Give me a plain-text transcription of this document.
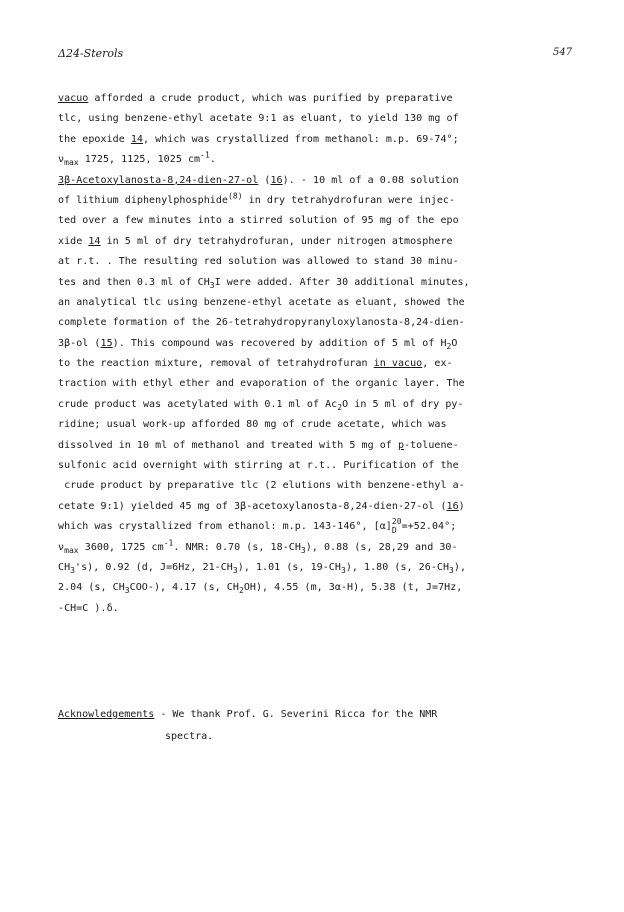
Δ24-Sterols	547
vacuo afforded a crude product, which was purified by preparative
tlc, using benzene-ethyl acetate 9:1 as eluant, to yield 130 mg of
the epoxide 14, which was crystallized from methanol: m.p. 69-74°;
$\nu_{max}$ 1725, 1125, 1025 $cm^{-1}$.
3β-Acetoxylanosta-8,24-dien-27-ol (16). - 10 ml of a 0.08 solution
of lithium diphenylphosphide$^{(8)}$ in dry tetrahydrofuran were injec-
ted over a few minutes into a stirred solution of 95 mg of the epo
xide 14 in 5 ml of dry tetrahydrofuran, under nitrogen atmosphere
at r.t. . The resulting red solution was allowed to stand 30 minu-
tes and then 0.3 ml of $CH_3I$ were added. After 30 additional minutes,
an analytical tlc using benzene-ethyl acetate as eluant, showed the
complete formation of the 26-tetrahydropyranyloxylanosta-8,24-dien-
3β-ol (15). This compound was recovered by addition of 5 ml of $H_2O$
to the reaction mixture, removal of tetrahydrofuran in vacuo, ex-
traction with ethyl ether and evaporation of the organic layer. The
crude product was acetylated with 0.1 ml of $Ac_2O$ in 5 ml of dry py-
ridine; usual work-up afforded 80 mg of crude acetate, which was
dissolved in 10 ml of methanol and treated with 5 mg of p-toluene-
sulfonic acid overnight with stirring at r.t.. Purification of the
crude product by preparative tlc (2 elutions with benzene-ethyl a-
cetate 9:1) yielded 45 mg of 3β-acetoxylanosta-8,24-dien-27-ol (16)
which was crystallized from ethanol: m.p. 143-146°, [α] 20
D =+52.04°;
$\nu_{max}$ 3600, 1725 $cm^{-1}$. NMR: 0.70 (s, $18-CH_3$), 0.88 (s, 28,29 and 30-
$CH_3's$), 0.92 (d, J=6Hz, $21-CH_3$), 1.01 (s, $19-CH_3$), 1.80 (s, $26-CH_3$),
2.04 (s, $CH_3COO-$), 4.17 (s, $CH_2OH$), 4.55 (m, 3α-H), 5.38 (t, J=7Hz,
-CH=C ).δ.
Acknowledgements - We thank Prof. G. Severini Ricca for the NMR
spectra.
